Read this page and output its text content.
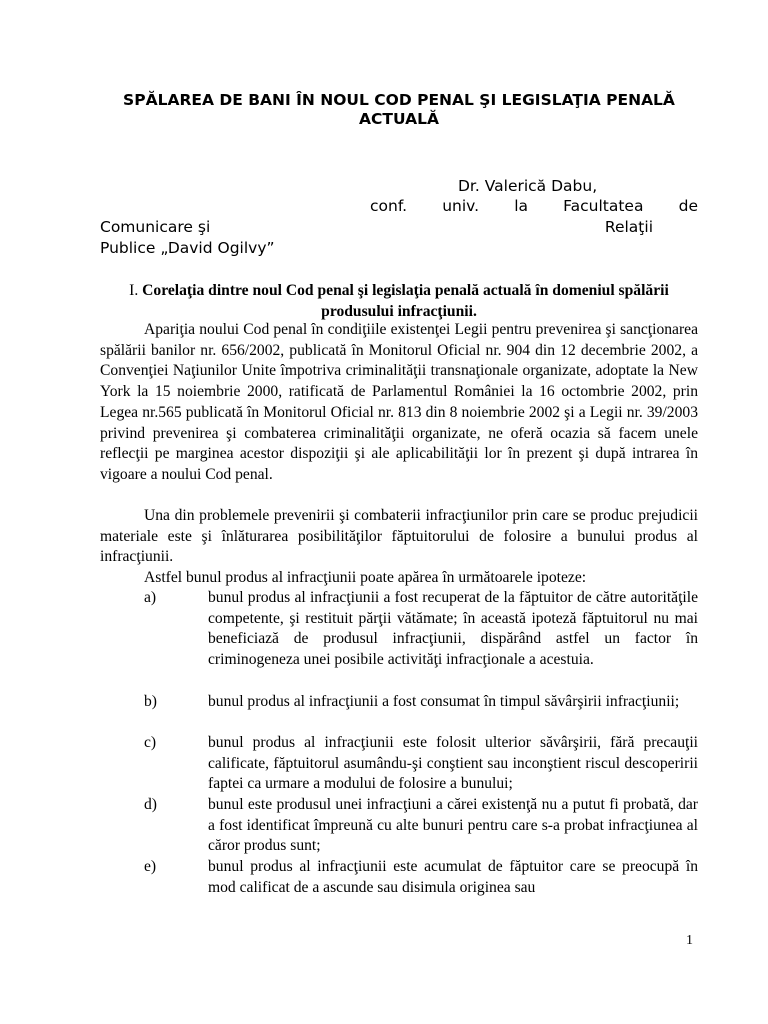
SPĂLAREA DE BANI ÎN NOUL COD PENAL ŞI LEGISLAŢIA PENALĂ ACTUALĂ
Dr. Valerică Dabu,
conf. univ. la Facultatea de
Comunicare şi	Relaţii
Publice „David Ogilvy”
I. Corelaţia dintre noul Cod penal şi legislaţia penală actuală în domeniul spălării produsului infracţiunii.
Apariţia noului Cod penal în condiţiile existenţei Legii pentru prevenirea şi sancţionarea spălării banilor nr. 656/2002, publicată în Monitorul Oficial nr. 904 din 12 decembrie 2002, a Convenţiei Naţiunilor Unite împotriva criminalităţii transnaţionale organizate, adoptate la New York la 15 noiembrie 2000, ratificată de Parlamentul României la 16 octombrie 2002, prin Legea nr.565 publicată în Monitorul Oficial nr. 813 din 8 noiembrie 2002 şi a Legii nr. 39/2003 privind prevenirea şi combaterea criminalităţii organizate, ne oferă ocazia să facem unele reflecţii pe marginea acestor dispoziţii şi ale aplicabilităţii lor în prezent şi după intrarea în vigoare a noului Cod penal.
Una din problemele prevenirii şi combaterii infracţiunilor prin care se produc prejudicii materiale este şi înlăturarea posibilităţilor făptuitorului de folosire a bunului produs al infracţiunii.
Astfel bunul produs al infracţiunii poate apărea în următoarele ipoteze:
a)	bunul produs al infracţiunii a fost recuperat de la făptuitor de către autorităţile competente, şi restituit părţii vătămate; în această ipoteză făptuitorul nu mai beneficiază de produsul infracţiunii, dispărând astfel un factor în criminogeneza unei posibile activităţi infracţionale a acestuia.
b)	bunul produs al infracţiunii a fost consumat în timpul săvârşirii infracţiunii;
c)	bunul produs al infracţiunii este folosit ulterior săvârşirii, fără precauţii calificate, făptuitorul asumându-şi conştient sau inconştient riscul descoperirii faptei ca urmare a modului de folosire a bunului;
d)	bunul este produsul unei infracţiuni a cărei existenţă nu a putut fi probată, dar a fost identificat împreună cu alte bunuri pentru care s-a probat infracţiunea al căror produs sunt;
e)	bunul produs al infracţiunii este acumulat de făptuitor care se preocupă în mod calificat de a ascunde sau disimula originea sau
1
